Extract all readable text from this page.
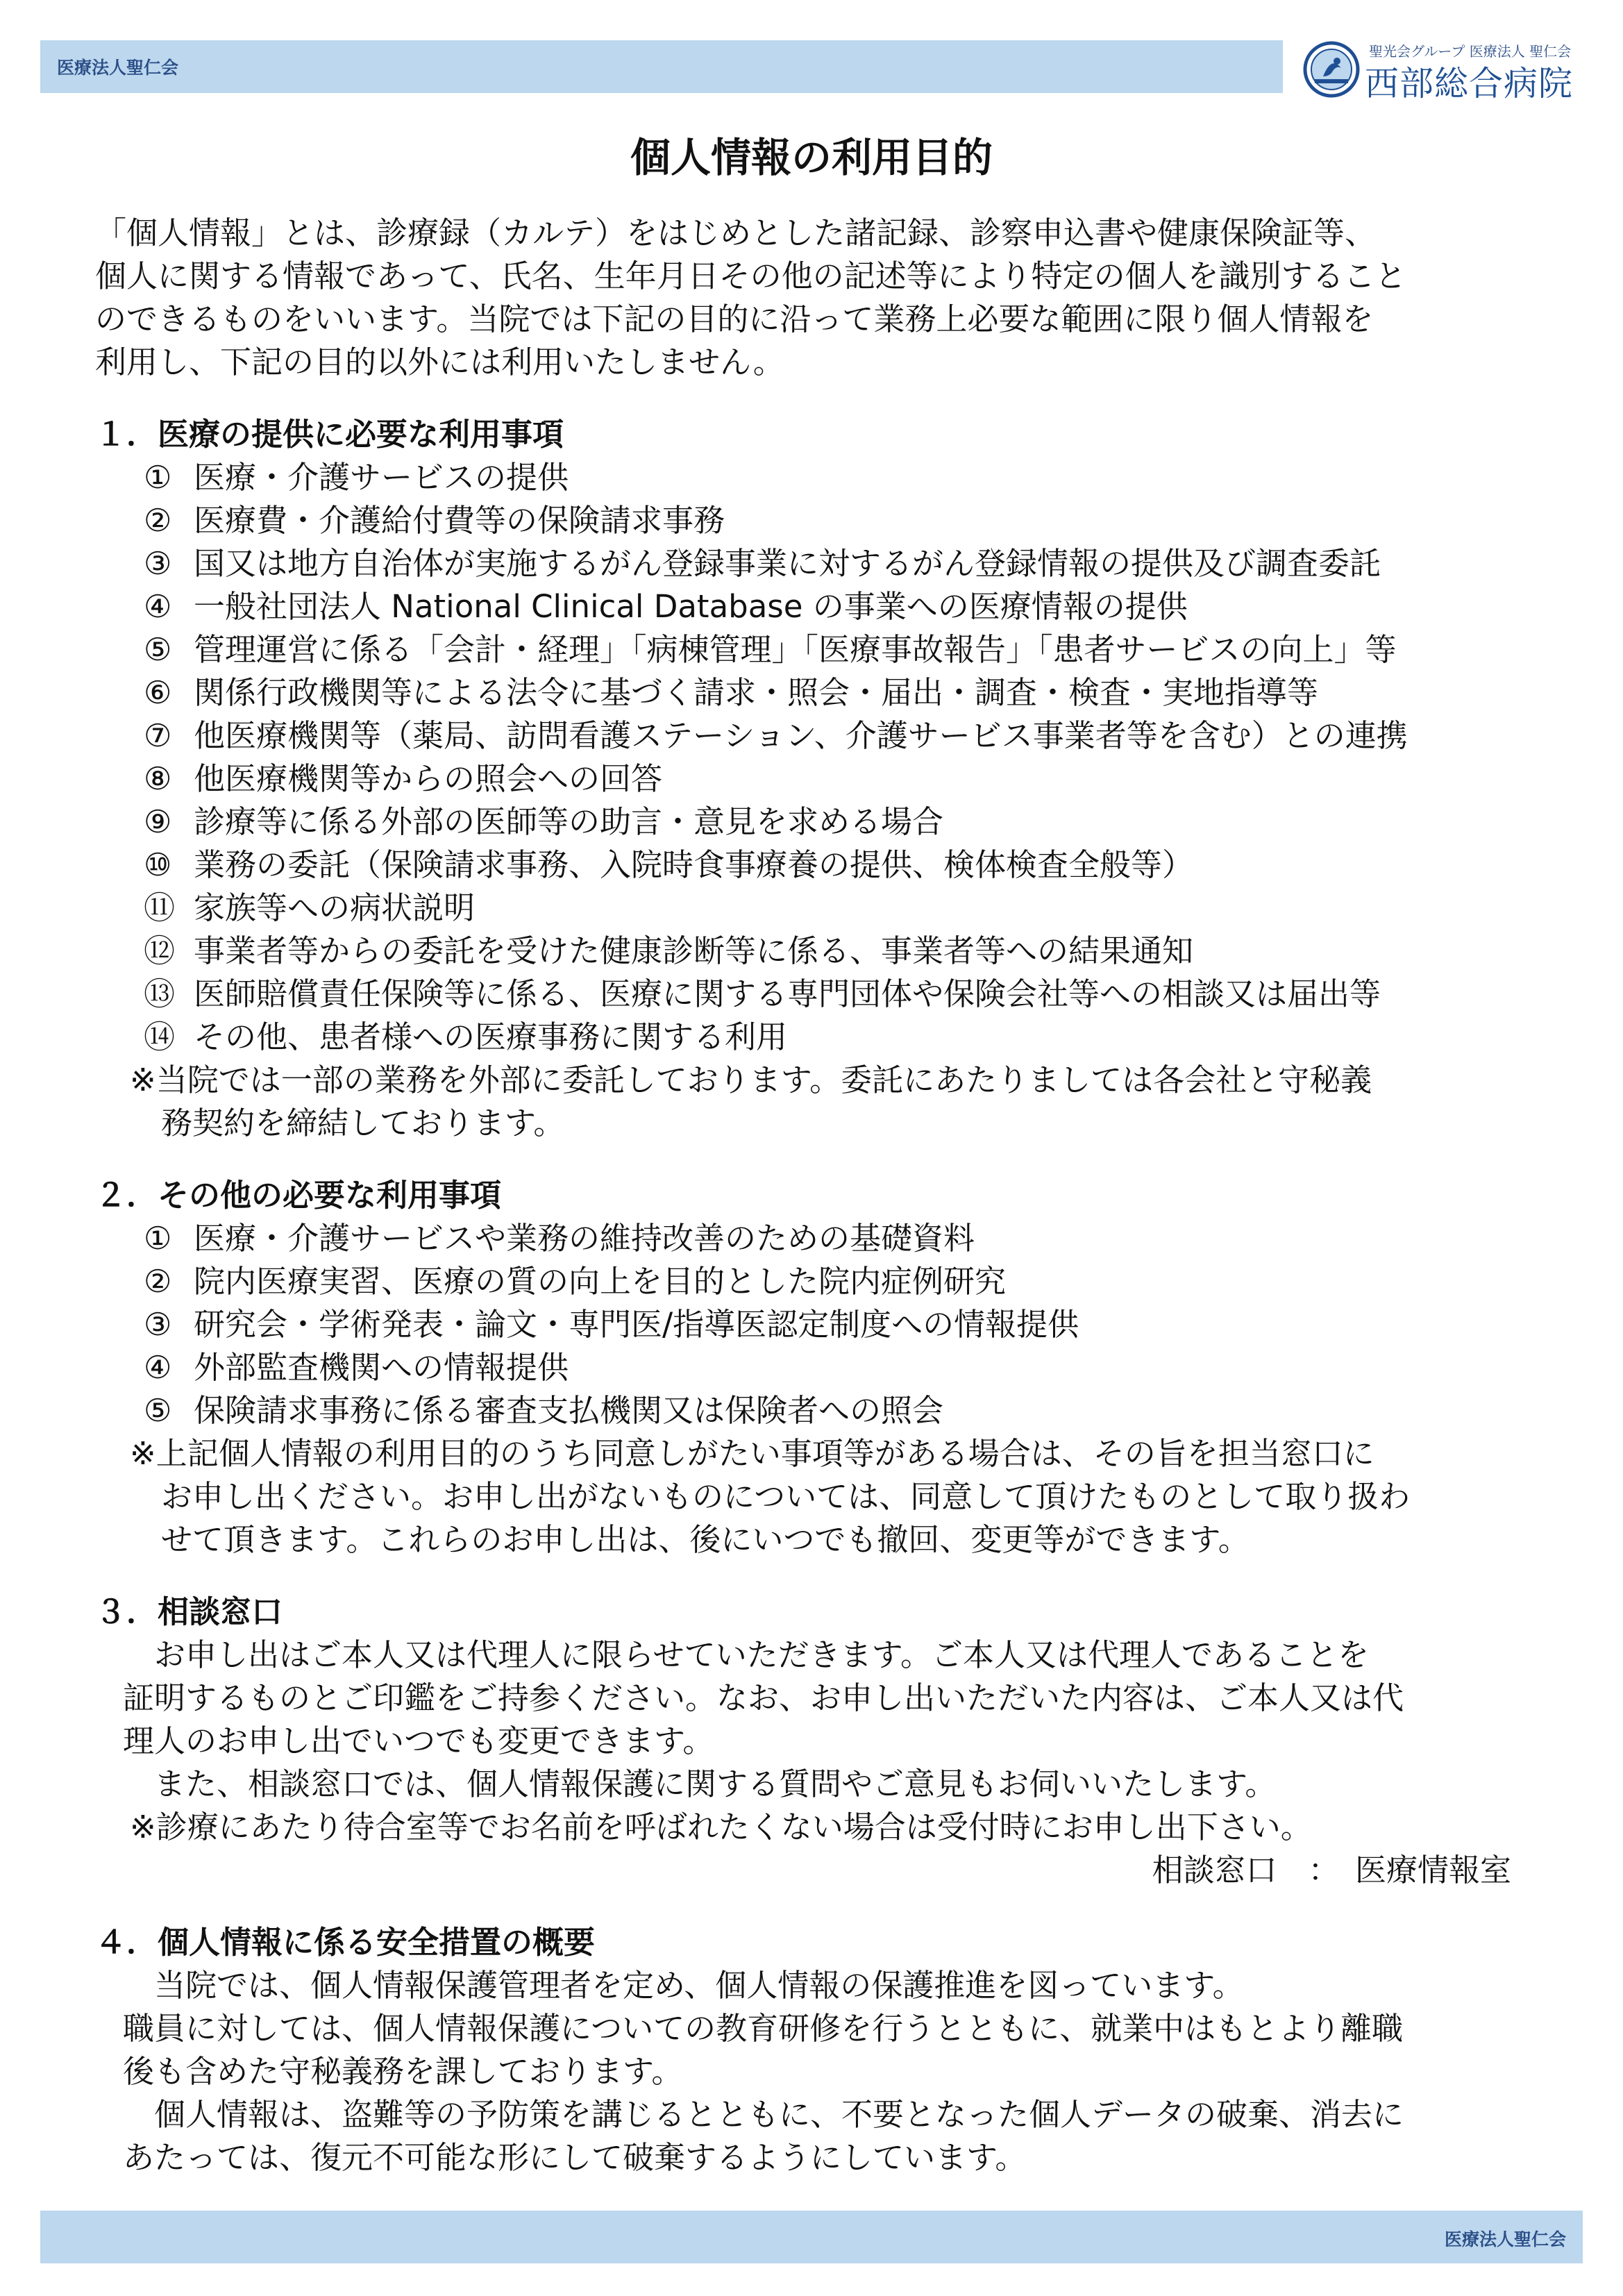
医療法人聖仁会
聖光会グループ 医療法人 聖仁会
西部総合病院
個人情報の利用目的

「個人情報」とは、診療録（カルテ）をはじめとした諸記録、診察申込書や健康保険証等、
個人に関する情報であって、氏名、生年月日その他の記述等により特定の個人を識別すること
のできるものをいいます。当院では下記の目的に沿って業務上必要な範囲に限り個人情報を
利用し、下記の目的以外には利用いたしません。

１．医療の提供に必要な利用事項

① 医療・介護サービスの提供
② 医療費・介護給付費等の保険請求事務
③ 国又は地方自治体が実施するがん登録事業に対するがん登録情報の提供及び調査委託
④ 一般社団法人 National Clinical Database の事業への医療情報の提供
⑤ 管理運営に係る「会計・経理」「病棟管理」「医療事故報告」「患者サービスの向上」等
⑥ 関係行政機関等による法令に基づく請求・照会・届出・調査・検査・実地指導等
⑦ 他医療機関等（薬局、訪問看護ステーション、介護サービス事業者等を含む）との連携
⑧ 他医療機関等からの照会への回答
⑨ 診療等に係る外部の医師等の助言・意見を求める場合
⑩ 業務の委託（保険請求事務、入院時食事療養の提供、検体検査全般等）
⑪ 家族等への病状説明
⑫ 事業者等からの委託を受けた健康診断等に係る、事業者等への結果通知
⑬ 医師賠償責任保険等に係る、医療に関する専門団体や保険会社等への相談又は届出等
⑭ その他、患者様への医療事務に関する利用

※当院では一部の業務を外部に委託しております。委託にあたりましては各会社と守秘義
　務契約を締結しております。

２．その他の必要な利用事項

① 医療・介護サービスや業務の維持改善のための基礎資料
② 院内医療実習、医療の質の向上を目的とした院内症例研究
③ 研究会・学術発表・論文・専門医/指導医認定制度への情報提供
④ 外部監査機関への情報提供
⑤ 保険請求事務に係る審査支払機関又は保険者への照会

※上記個人情報の利用目的のうち同意しがたい事項等がある場合は、その旨を担当窓口に
　お申し出ください。お申し出がないものについては、同意して頂けたものとして取り扱わ
　せて頂きます。これらのお申し出は、後にいつでも撤回、変更等ができます。

３．相談窓口

　お申し出はご本人又は代理人に限らせていただきます。ご本人又は代理人であることを
証明するものとご印鑑をご持参ください。なお、お申し出いただいた内容は、ご本人又は代
理人のお申し出でいつでも変更できます。

　また、相談窓口では、個人情報保護に関する質問やご意見もお伺いいたします。

※診療にあたり待合室等でお名前を呼ばれたくない場合は受付時にお申し出下さい。

相談窓口　：　医療情報室

４．個人情報に係る安全措置の概要

　当院では、個人情報保護管理者を定め、個人情報の保護推進を図っています。
職員に対しては、個人情報保護についての教育研修を行うとともに、就業中はもとより離職
後も含めた守秘義務を課しております。

　個人情報は、盗難等の予防策を講じるとともに、不要となった個人データの破棄、消去に
あたっては、復元不可能な形にして破棄するようにしています。

医療法人聖仁会
